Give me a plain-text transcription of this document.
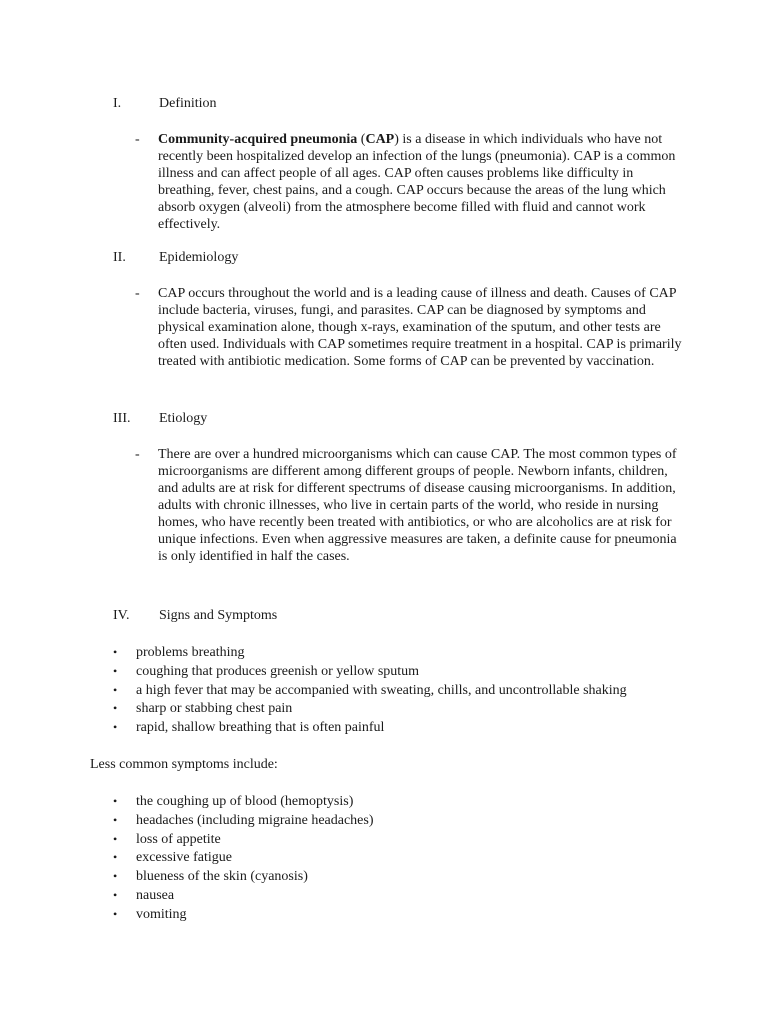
I.	Definition
- Community-acquired pneumonia (CAP) is a disease in which individuals who have not recently been hospitalized develop an infection of the lungs (pneumonia). CAP is a common illness and can affect people of all ages. CAP often causes problems like difficulty in breathing, fever, chest pains, and a cough. CAP occurs because the areas of the lung which absorb oxygen (alveoli) from the atmosphere become filled with fluid and cannot work effectively.
II. Epidemiology
- CAP occurs throughout the world and is a leading cause of illness and death. Causes of CAP include bacteria, viruses, fungi, and parasites. CAP can be diagnosed by symptoms and physical examination alone, though x-rays, examination of the sputum, and other tests are often used. Individuals with CAP sometimes require treatment in a hospital. CAP is primarily treated with antibiotic medication. Some forms of CAP can be prevented by vaccination.
III. Etiology
- There are over a hundred microorganisms which can cause CAP. The most common types of microorganisms are different among different groups of people. Newborn infants, children, and adults are at risk for different spectrums of disease causing microorganisms. In addition, adults with chronic illnesses, who live in certain parts of the world, who reside in nursing homes, who have recently been treated with antibiotics, or who are alcoholics are at risk for unique infections. Even when aggressive measures are taken, a definite cause for pneumonia is only identified in half the cases.
IV. Signs and Symptoms
• problems breathing
• coughing that produces greenish or yellow sputum
• a high fever that may be accompanied with sweating, chills, and uncontrollable shaking
• sharp or stabbing chest pain
• rapid, shallow breathing that is often painful
Less common symptoms include:
• the coughing up of blood (hemoptysis)
• headaches (including migraine headaches)
• loss of appetite
• excessive fatigue
• blueness of the skin (cyanosis)
• nausea
• vomiting
